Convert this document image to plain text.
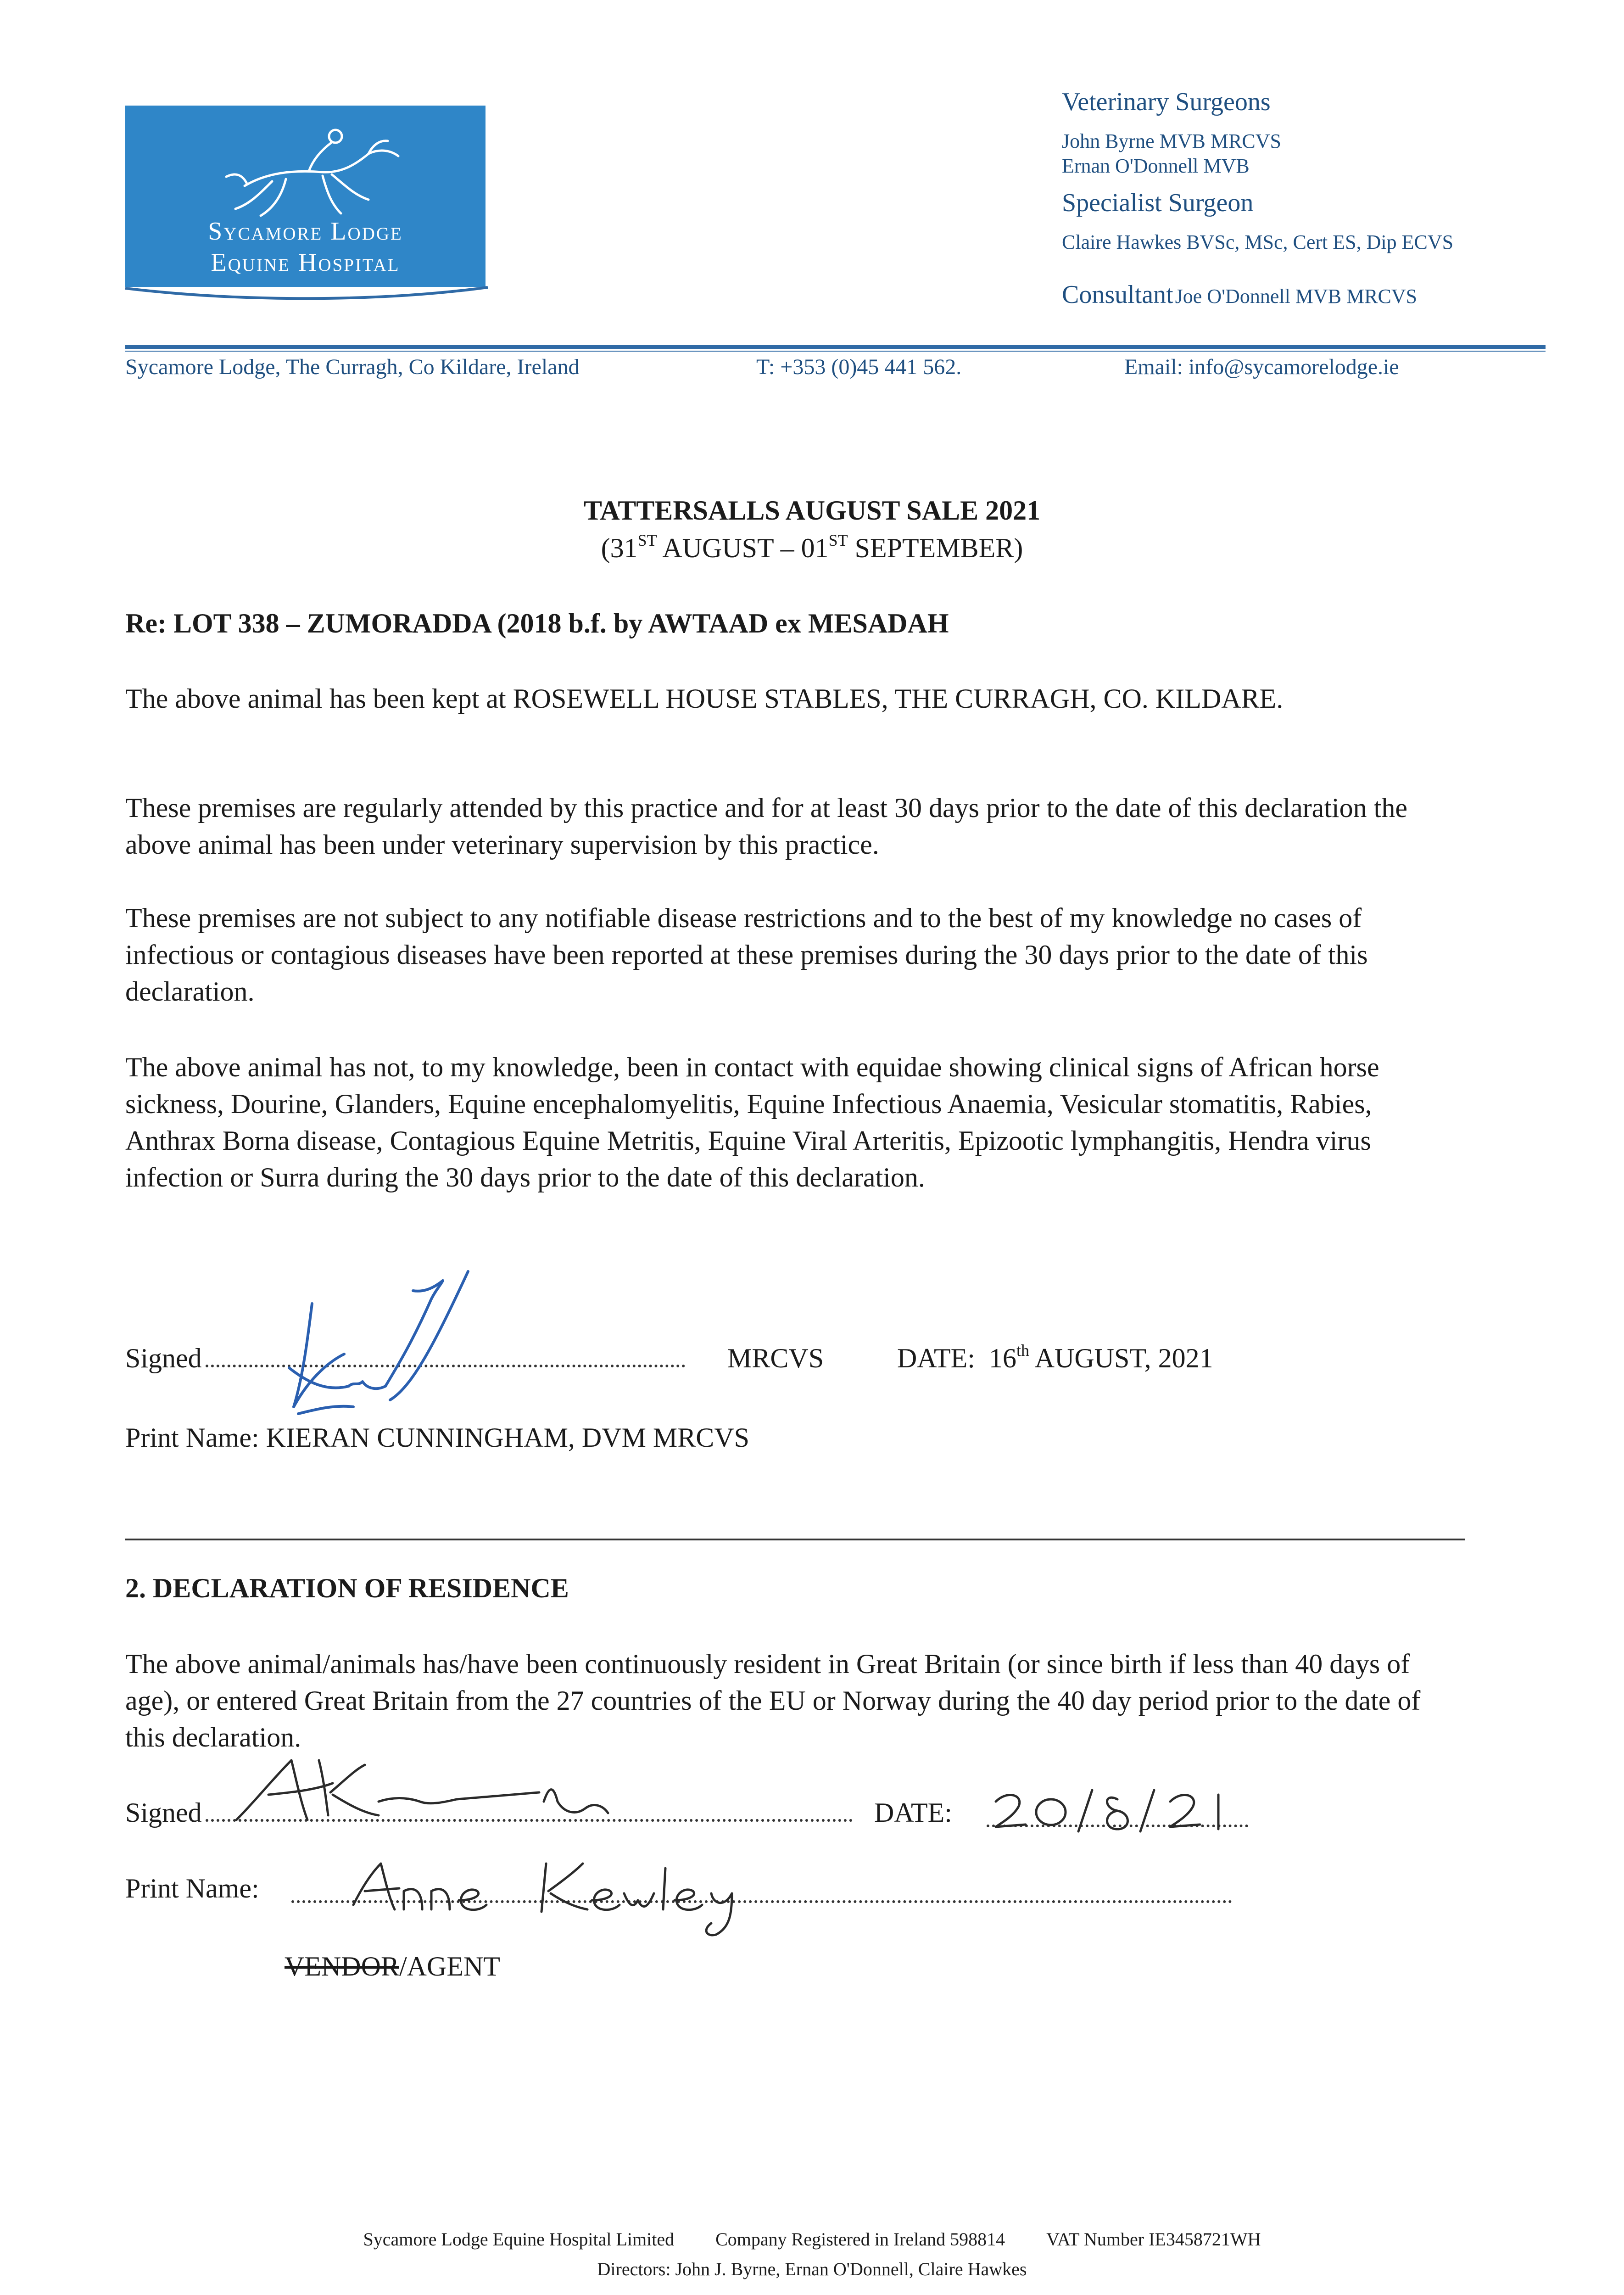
Sycamore Lodge
Equine Hospital
Veterinary Surgeons
John Byrne MVB MRCVS
Ernan O'Donnell MVB
Specialist Surgeon
Claire Hawkes BVSc, MSc, Cert ES, Dip ECVS
Consultant Joe O'Donnell MVB MRCVS
Sycamore Lodge, The Curragh, Co Kildare, Ireland	T: +353 (0)45 441 562.	Email: info@sycamorelodge.ie
TATTERSALLS AUGUST SALE 2021
(31ST AUGUST – 01ST SEPTEMBER)
Re: LOT 338 – ZUMORADDA (2018 b.f. by AWTAAD ex MESADAH
The above animal has been kept at ROSEWELL HOUSE STABLES, THE CURRAGH, CO. KILDARE.
These premises are regularly attended by this practice and for at least 30 days prior to the date of this declaration the above animal has been under veterinary supervision by this practice.
These premises are not subject to any notifiable disease restrictions and to the best of my knowledge no cases of infectious or contagious diseases have been reported at these premises during the 30 days prior to the date of this declaration.
The above animal has not, to my knowledge, been in contact with equidae showing clinical signs of African horse sickness, Dourine, Glanders, Equine encephalomyelitis, Equine Infectious Anaemia, Vesicular stomatitis, Rabies, Anthrax Borna disease, Contagious Equine Metritis, Equine Viral Arteritis, Epizootic lymphangitis, Hendra virus infection or Surra during the 30 days prior to the date of this declaration.
Signed	MRCVS	DATE: 16th AUGUST, 2021
Print Name: KIERAN CUNNINGHAM, DVM MRCVS
2. DECLARATION OF RESIDENCE
The above animal/animals has/have been continuously resident in Great Britain (or since birth if less than 40 days of age), or entered Great Britain from the 27 countries of the EU or Norway during the 40 day period prior to the date of this declaration.
Signed	DATE:
Print Name:
VENDOR/AGENT
Sycamore Lodge Equine Hospital Limited Company Registered in Ireland 598814 VAT Number IE3458721WH
Directors: John J. Byrne, Ernan O'Donnell, Claire Hawkes
